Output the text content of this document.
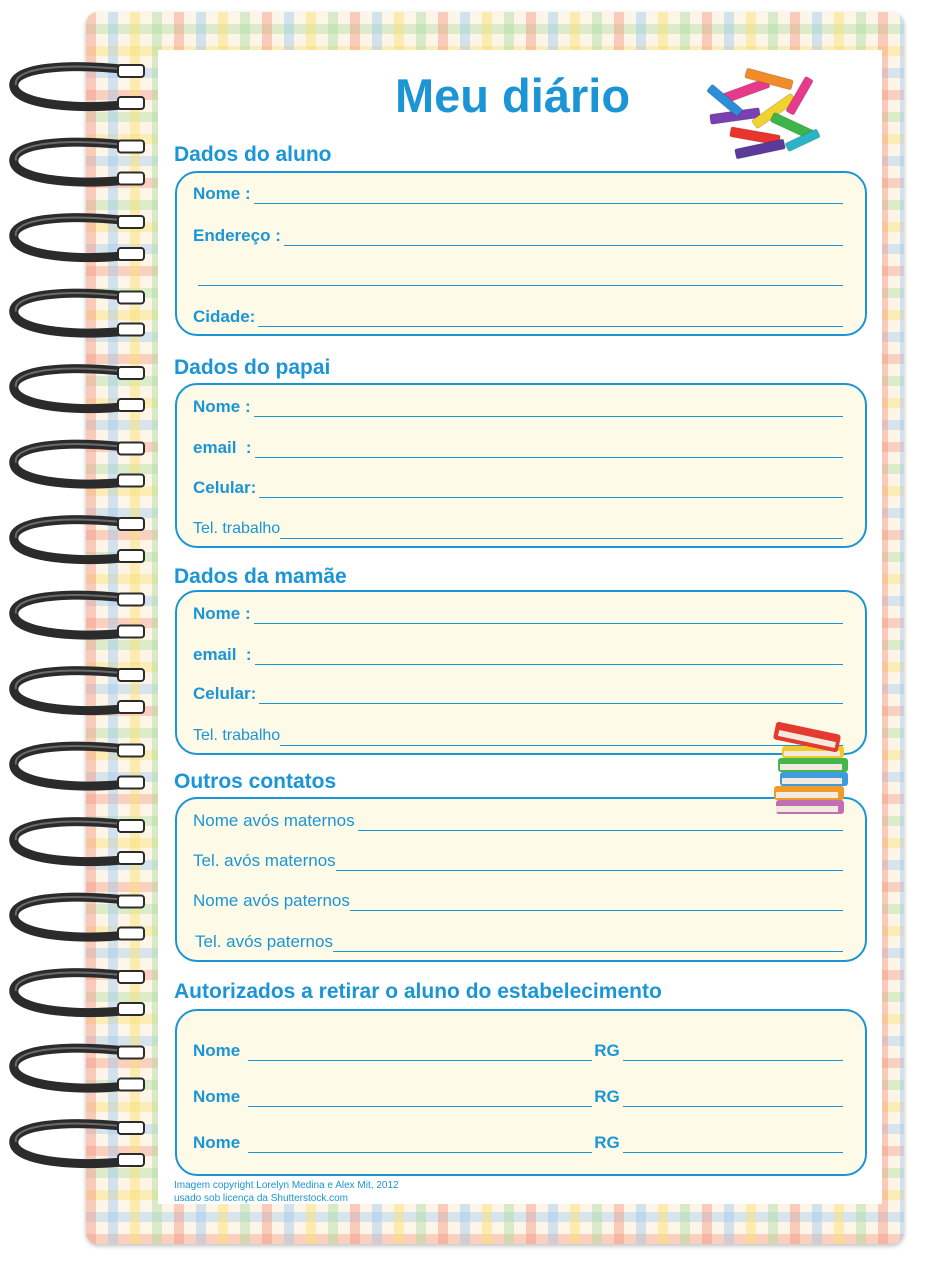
Meu diário
Dados do aluno
Nome :
Endereço :
Cidade:
Dados do papai
Nome :
email  :
Celular:
Tel. trabalho
Dados da mamãe
Nome :
email  :
Celular:
Tel. trabalho
Outros contatos
Nome avós maternos
Tel. avós maternos
Nome avós paternos
Tel. avós paternos
Autorizados a retirar o aluno do estabelecimento
Nome	RG
Nome	RG
Nome	RG

Imagem copyright Lorelyn Medina e Alex Mit, 2012
usado sob licença da Shutterstock.com
